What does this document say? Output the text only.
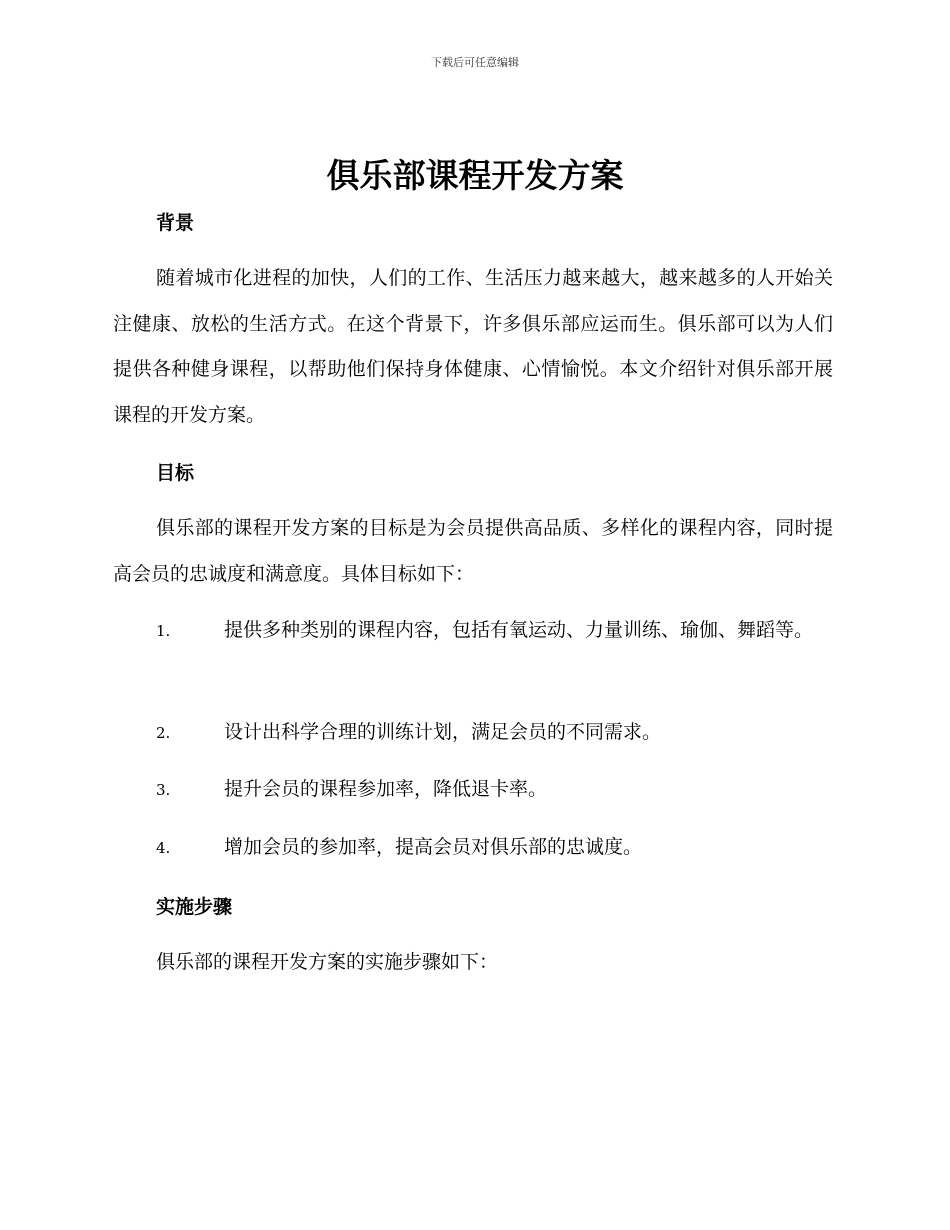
下载后可任意编辑
俱乐部课程开发方案
背景

随着城市化进程的加快，人们的工作、生活压力越来越大，越来越多的人开始关注健康、放松的生活方式。在这个背景下，许多俱乐部应运而生。俱乐部可以为人们提供各种健身课程，以帮助他们保持身体健康、心情愉悦。本文介绍针对俱乐部开展课程的开发方案。

目标

俱乐部的课程开发方案的目标是为会员提供高品质、多样化的课程内容，同时提高会员的忠诚度和满意度。具体目标如下：

1.	提供多种类别的课程内容，包括有氧运动、力量训练、瑜伽、舞蹈等。
2.	设计出科学合理的训练计划，满足会员的不同需求。
3.	提升会员的课程参加率，降低退卡率。
4.	增加会员的参加率，提高会员对俱乐部的忠诚度。
实施步骤

俱乐部的课程开发方案的实施步骤如下：
